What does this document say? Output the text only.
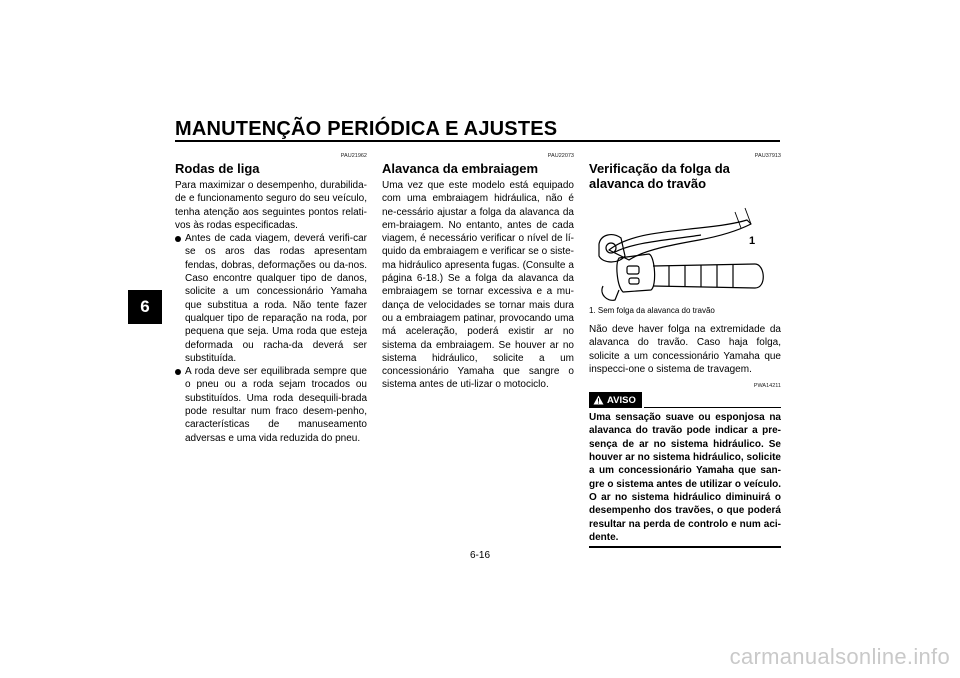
MANUTENÇÃO PERIÓDICA E AJUSTES
6
PAU21962
Rodas de liga

Para maximizar o desempenho, durabilida-de e funcionamento seguro do seu veículo, tenha atenção aos seguintes pontos relati-vos às rodas especificadas.

Antes de cada viagem, deverá verifi-car se os aros das rodas apresentam fendas, dobras, deformações ou da-nos. Caso encontre qualquer tipo de danos, solicite a um concessionário Yamaha que substitua a roda. Não tente fazer qualquer tipo de reparação na roda, por pequena que seja. Uma roda que esteja deformada ou racha-da deverá ser substituída.
A roda deve ser equilibrada sempre que o pneu ou a roda sejam trocados ou substituídos. Uma roda desequili-brada pode resultar num fraco desem-penho, características de manuseamento adversas e uma vida reduzida do pneu.
PAU22073
Alavanca da embraiagem

Uma vez que este modelo está equipado com uma embraiagem hidráulica, não é ne-cessário ajustar a folga da alavanca da em-braiagem. No entanto, antes de cada viagem, é necessário verificar o nível de lí-quido da embraiagem e verificar se o siste-ma hidráulico apresenta fugas. (Consulte a página 6-18.) Se a folga da alavanca da embraiagem se tornar excessiva e a mu-dança de velocidades se tornar mais dura ou a embraiagem patinar, provocando uma má aceleração, poderá existir ar no sistema da embraiagem. Se houver ar no sistema hidráulico, solicite a um concessionário Yamaha que sangre o sistema antes de uti-lizar o motociclo.

PAU37913
Verificação da folga da alavanca do travão
1
1. Sem folga da alavanca do travão

Não deve haver folga na extremidade da alavanca do travão. Caso haja folga, solicite a um concessionário Yamaha que inspecci-one o sistema de travagem.

PWA14211
AVISO

Uma sensação suave ou esponjosa na alavanca do travão pode indicar a pre-sença de ar no sistema hidráulico. Se houver ar no sistema hidráulico, solicite a um concessionário Yamaha que san-gre o sistema antes de utilizar o veículo. O ar no sistema hidráulico diminuirá o desempenho dos travões, o que poderá resultar na perda de controlo e num aci-dente.

6-16
carmanualsonline.info
